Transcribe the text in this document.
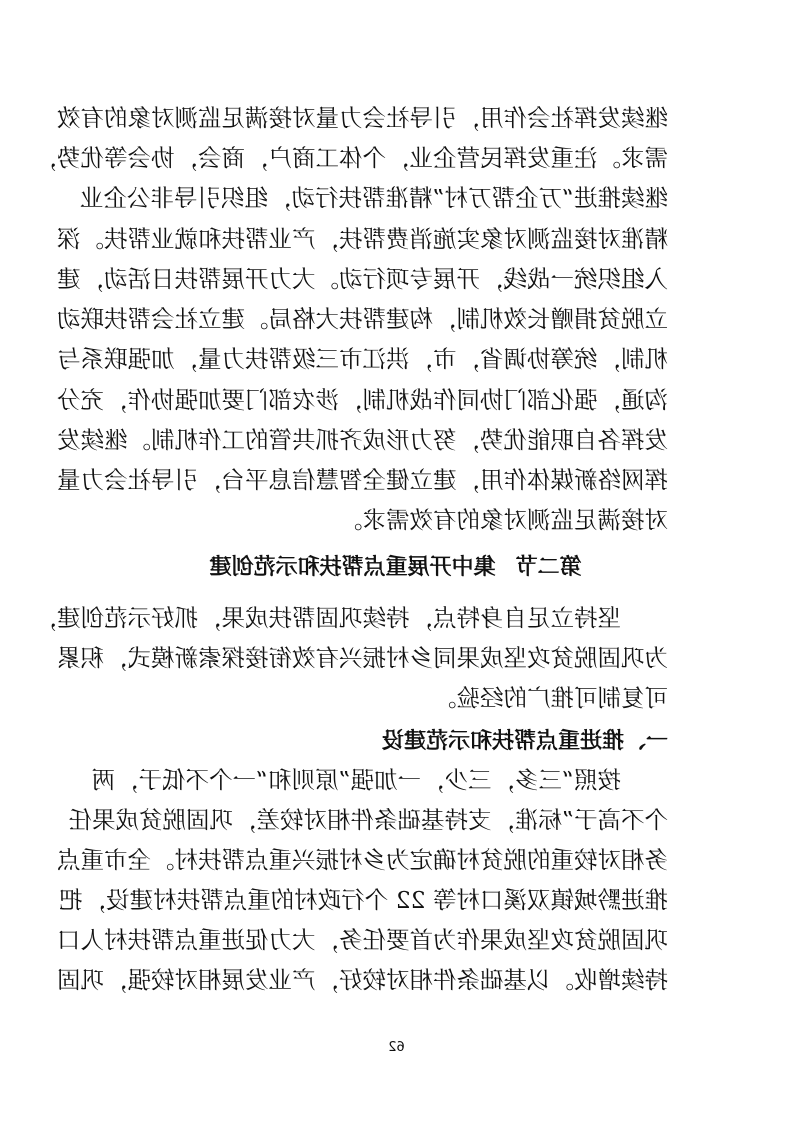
继续发挥社会作用，引导社会力量对接满足监测对象的有效
需求。注重发挥民营企业，个体工商户，商会，协会等优势，
继续推进“万企帮万村”精准帮扶行动，组织引导非公企业
精准对接监测对象实施消费帮扶，产业帮扶和就业帮扶。深
入组织统一战线，开展专项行动。大力开展帮扶日活动，建
立脱贫捐赠长效机制，构建帮扶大格局。建立社会帮扶联动
机制，统筹协调省，市，洪江市三级帮扶力量，加强联系与
沟通，强化部门协同作战机制，涉农部门要加强协作，充分
发挥各自职能优势，努力形成齐抓共管的工作机制。继续发
挥网络新媒体作用，建立健全智慧信息平台，引导社会力量
对接满足监测对象的有效需求。
第二节集中开展重点帮扶和示范创建
坚持立足自身特点，持续巩固帮扶成果，抓好示范创建，
为巩固脱贫攻坚成果同乡村振兴有效衔接探索新模式，积累
可复制可推广的经验。
一、推进重点帮扶和示范建设
按照“三多，三少，一加强”原则和“一个不低于，两
个不高于”标准，支持基础条件相对较差，巩固脱贫成果任
务相对较重的脱贫村确定为乡村振兴重点帮扶村。全市重点
推进黔城镇双溪口村等 22 个行政村的重点帮扶村建设，把
巩固脱贫攻坚成果作为首要任务，大力促进重点帮扶村人口
持续增收。以基础条件相对较好，产业发展相对较强，巩固
62
